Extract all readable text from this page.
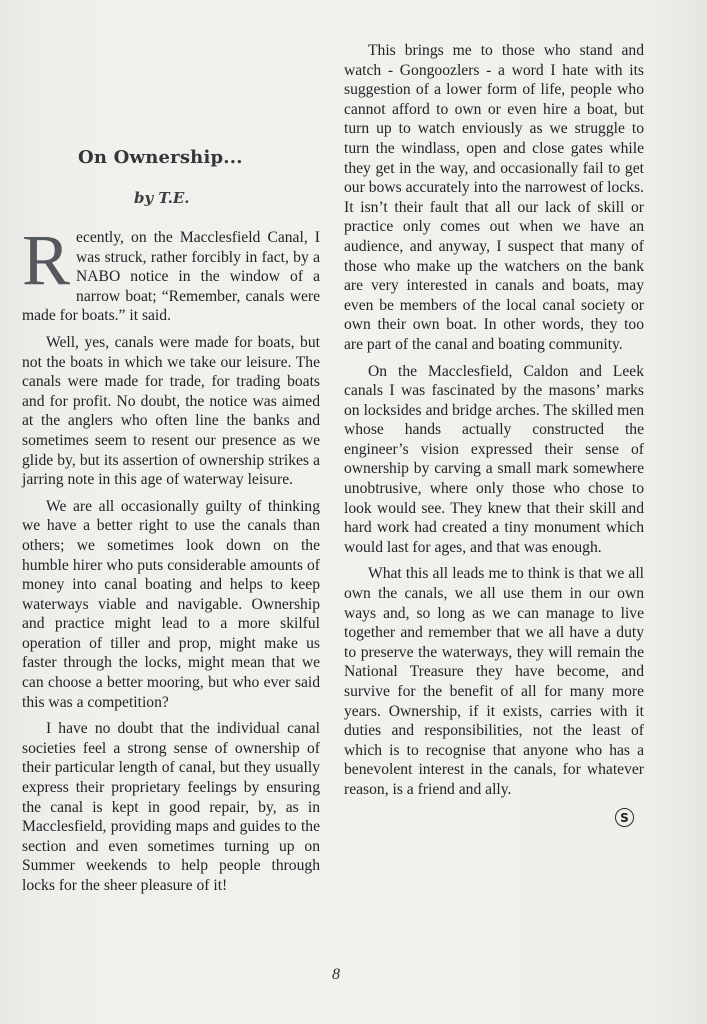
On Ownership...
by T.E.

Recently, on the Macclesfield Canal, I was struck, rather forcibly in fact, by a NABO notice in the window of a narrow boat; “Remember, canals were made for boats.” it said.

Well, yes, canals were made for boats, but not the boats in which we take our leisure. The canals were made for trade, for trading boats and for profit. No doubt, the notice was aimed at the anglers who often line the banks and sometimes seem to resent our presence as we glide by, but its assertion of ownership strikes a jarring note in this age of waterway leisure.

We are all occasionally guilty of thinking we have a better right to use the canals than others; we sometimes look down on the humble hirer who puts considerable amounts of money into canal boating and helps to keep waterways viable and navigable. Ownership and practice might lead to a more skilful operation of tiller and prop, might make us faster through the locks, might mean that we can choose a better mooring, but who ever said this was a competition?

I have no doubt that the individual canal societies feel a strong sense of ownership of their particular length of canal, but they usually express their proprietary feelings by ensuring the canal is kept in good repair, by, as in Macclesfield, providing maps and guides to the section and even sometimes turning up on Summer weekends to help people through locks for the sheer pleasure of it!

This brings me to those who stand and watch - Gongoozlers - a word I hate with its suggestion of a lower form of life, people who cannot afford to own or even hire a boat, but turn up to watch enviously as we struggle to turn the windlass, open and close gates while they get in the way, and occasionally fail to get our bows accurately into the narrowest of locks. It isn’t their fault that all our lack of skill or practice only comes out when we have an audience, and anyway, I suspect that many of those who make up the watchers on the bank are very interested in canals and boats, may even be members of the local canal society or own their own boat. In other words, they too are part of the canal and boating community.

On the Macclesfield, Caldon and Leek canals I was fascinated by the masons’ marks on locksides and bridge arches. The skilled men whose hands actually constructed the engineer’s vision expressed their sense of ownership by carving a small mark somewhere unobtrusive, where only those who chose to look would see. They knew that their skill and hard work had created a tiny monument which would last for ages, and that was enough.

What this all leads me to think is that we all own the canals, we all use them in our own ways and, so long as we can manage to live together and remember that we all have a duty to preserve the waterways, they will remain the National Treasure they have become, and survive for the benefit of all for many more years. Ownership, if it exists, carries with it duties and responsibilities, not the least of which is to recognise that anyone who has a benevolent interest in the canals, for whatever reason, is a friend and ally.

S
8
